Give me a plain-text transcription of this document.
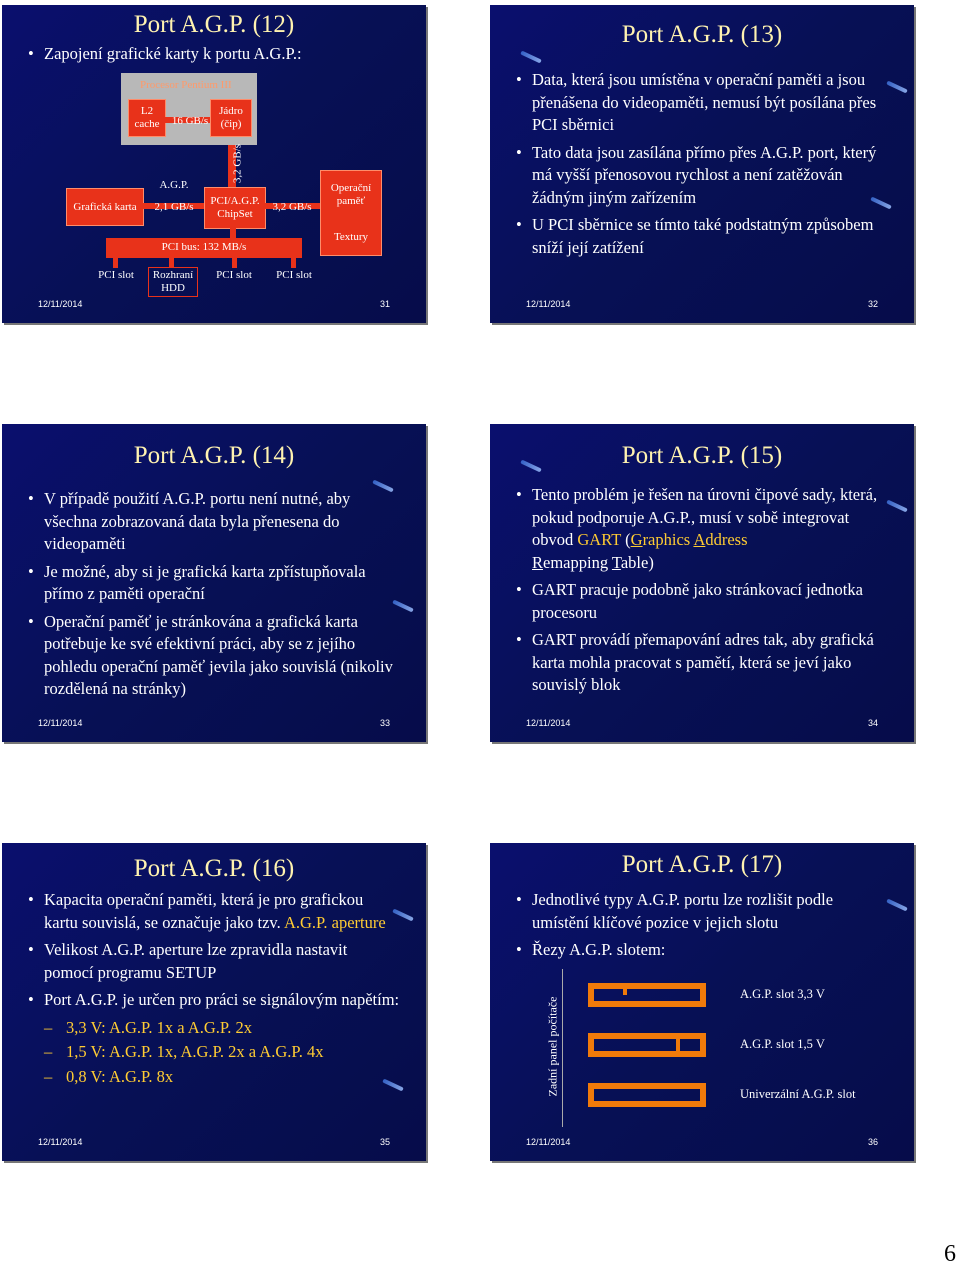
Port A.G.P. (12)
• Zapojení grafické karty k portu A.G.P.:
Procesor Pentium III
L2 cache
Jádro (čip)
16 GB/s
3,2 GB/s
Grafická karta
A.G.P.
2,1 GB/s	PCI/A.G.P. ChipSet
3,2 GB/s
Operační paměť
Textury
PCI bus: 132 MB/s
PCI slot	Rozhraní HDD
PCI slot	PCI slot
12/11/2014	31
Port A.G.P. (13)
• Data, která jsou umístěna v operační paměti a jsou přenášena do videopaměti, nemusí být posílána přes PCI sběrnici
• Tato data jsou zasílána přímo přes A.G.P. port, který má vyšší přenosovou rychlost a není zatěžován žádným jiným zařízením
• U PCI sběrnice se tímto také podstatným způsobem sníží její zatížení
12/11/2014	32
Port A.G.P. (14)
• V případě použití A.G.P. portu není nutné, aby všechna zobrazovaná data byla přenesena do videopaměti
• Je možné, aby si je grafická karta zpřístupňovala přímo z paměti operační
• Operační paměť je stránkována a grafická karta potřebuje ke své efektivní práci, aby se z jejího pohledu operační paměť jevila jako souvislá (nikoliv rozdělená na stránky)
12/11/2014	33
Port A.G.P. (15)
• Tento problém je řešen na úrovni čipové sady, která, pokud podporuje A.G.P., musí v sobě integrovat obvod GART (Graphics Address
Remapping Table)
• GART pracuje podobně jako stránkovací jednotka procesoru
• GART provádí přemapování adres tak, aby grafická karta mohla pracovat s pamětí, která se jeví jako souvislý blok
12/11/2014	34
Port A.G.P. (16)
• Kapacita operační paměti, která je pro grafickou kartu souvislá, se označuje jako tzv. A.G.P. aperture
• Velikost A.G.P. aperture lze zpravidla nastavit pomocí programu SETUP
• Port A.G.P. je určen pro práci se signálovým napětím:
– 3,3 V: A.G.P. 1x a A.G.P. 2x
– 1,5 V: A.G.P. 1x, A.G.P. 2x a A.G.P. 4x
– 0,8 V: A.G.P. 8x
12/11/2014	35
Port A.G.P. (17)
• Jednotlivé typy A.G.P. portu lze rozlišit podle umístění klíčové pozice v jejich slotu
• Řezy A.G.P. slotem:
Zadní panel počítače
A.G.P. slot 3,3 V
A.G.P. slot 1,5 V
Univerzální A.G.P. slot
12/11/2014	36
6
